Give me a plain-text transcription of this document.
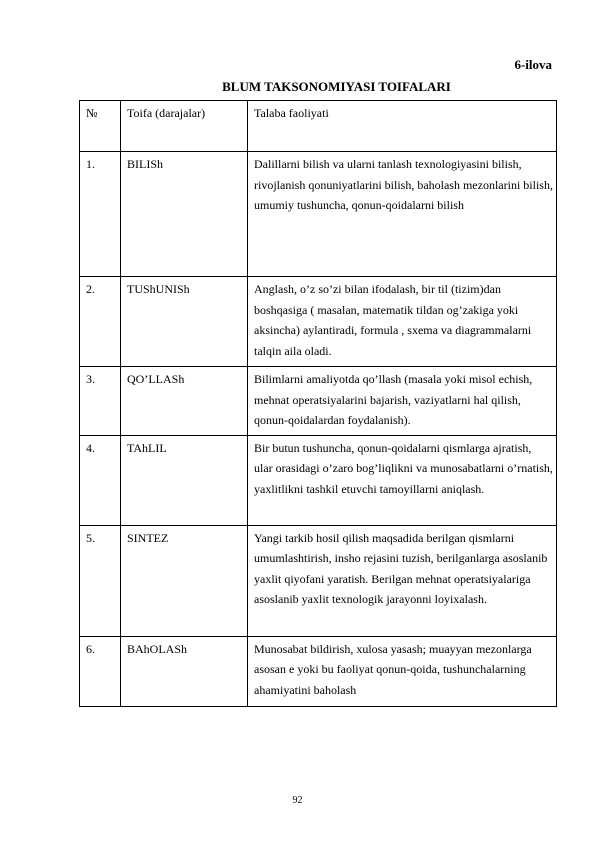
6-ilova
BLUM TAKSONOMIYASI TOIFALARI
№	Toifa (darajalar)	Talaba faoliyati
1.	BILISh	Dalillarni bilish va ularni tanlash texnologiyasini bilish, rivojlanish qonuniyatlarini bilish, baholash mezonlarini bilish, umumiy tushuncha, qonun-qoidalarni bilish
2.	TUShUNISh	Anglash, o’z so’zi bilan ifodalash, bir til (tizim)dan boshqasiga ( masalan, matematik tildan og’zakiga yoki aksincha) aylantiradi, formula , sxema va diagrammalarni talqin aila oladi.
3.	QO’LLASh	Bilimlarni amaliyotda qo’llash (masala yoki misol echish, mehnat operatsiyalarini bajarish, vaziyatlarni hal qilish, qonun-qoidalardan foydalanish).
4.	TAhLIL	Bir butun tushuncha, qonun-qoidalarni qismlarga ajratish, ular orasidagi o’zaro bog’liqlikni va munosabatlarni o’rnatish, yaxlitlikni tashkil etuvchi tamoyillarni aniqlash.
5.	SINTEZ	Yangi tarkib hosil qilish maqsadida berilgan qismlarni umumlashtirish, insho rejasini tuzish, berilganlarga asoslanib yaxlit qiyofani yaratish. Berilgan mehnat operatsiyalariga asoslanib yaxlit texnologik jarayonni loyixalash.
6.	BAhOLASh	Munosabat bildirish, xulosa yasash; muayyan mezonlarga asosan e yoki bu faoliyat qonun-qoida, tushunchalarning ahamiyatini baholash
92
